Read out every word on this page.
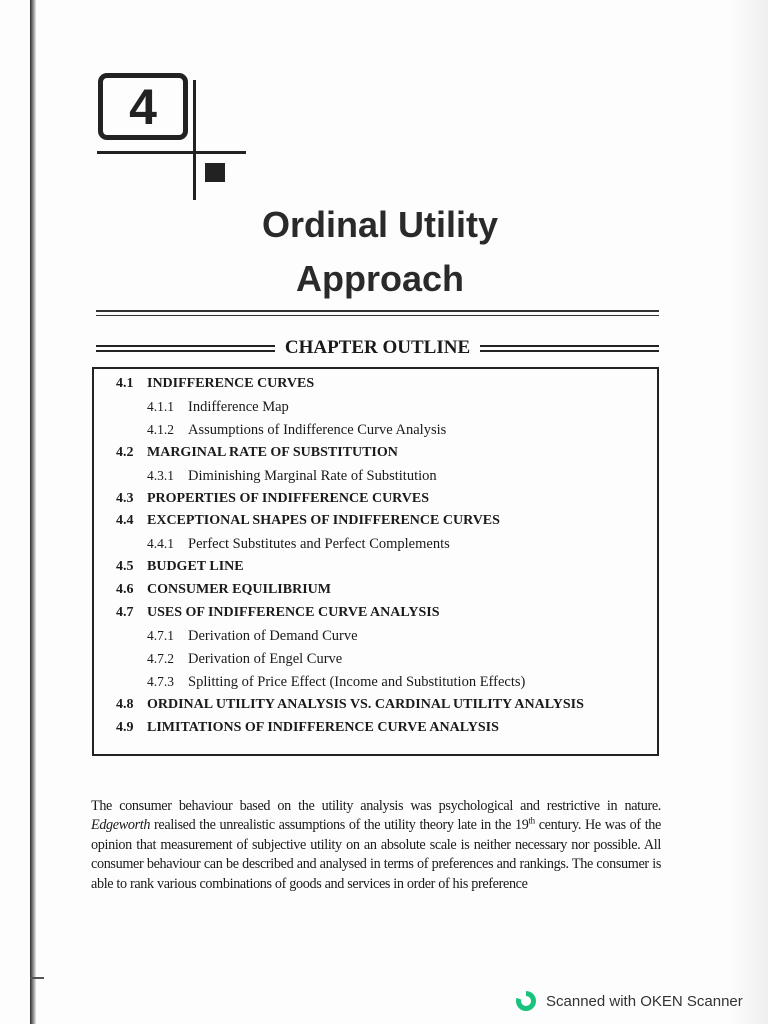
4
Ordinal Utility
Approach
CHAPTER OUTLINE
4.1 INDIFFERENCE CURVES
4.1.1 Indifference Map
4.1.2 Assumptions of Indifference Curve Analysis
4.2 MARGINAL RATE OF SUBSTITUTION
4.3.1 Diminishing Marginal Rate of Substitution
4.3 PROPERTIES OF INDIFFERENCE CURVES
4.4 EXCEPTIONAL SHAPES OF INDIFFERENCE CURVES
4.4.1 Perfect Substitutes and Perfect Complements
4.5 BUDGET LINE
4.6 CONSUMER EQUILIBRIUM
4.7 USES OF INDIFFERENCE CURVE ANALYSIS
4.7.1 Derivation of Demand Curve
4.7.2 Derivation of Engel Curve
4.7.3 Splitting of Price Effect (Income and Substitution Effects)
4.8 ORDINAL UTILITY ANALYSIS VS. CARDINAL UTILITY ANALYSIS
4.9 LIMITATIONS OF INDIFFERENCE CURVE ANALYSIS

The consumer behaviour based on the utility analysis was psychological and restrictive in nature. Edgeworth realised the unrealistic assumptions of the utility theory late in the 19th century. He was of the opinion that measurement of subjective utility on an absolute scale is neither necessary nor possible. All consumer behaviour can be described and analysed in terms of preferences and rankings. The consumer is able to rank various combinations of goods and services in order of his preference

Scanned with OKEN Scanner
